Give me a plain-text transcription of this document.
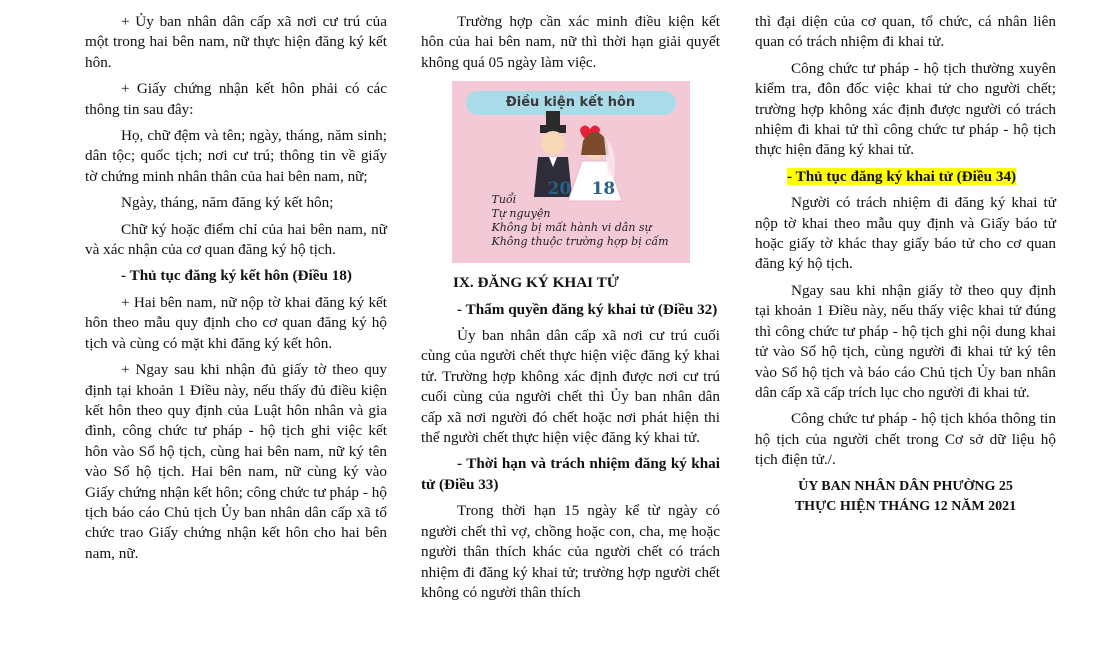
+ Ủy ban nhân dân cấp xã nơi cư trú của một trong hai bên nam, nữ thực hiện đăng ký kết hôn.

+ Giấy chứng nhận kết hôn phải có các thông tin sau đây:

Họ, chữ đệm và tên; ngày, tháng, năm sinh; dân tộc; quốc tịch; nơi cư trú; thông tin về giấy tờ chứng minh nhân thân của hai bên nam, nữ;

Ngày, tháng, năm đăng ký kết hôn;

Chữ ký hoặc điểm chỉ của hai bên nam, nữ và xác nhận của cơ quan đăng ký hộ tịch.

- Thủ tục đăng ký kết hôn (Điều 18)

+ Hai bên nam, nữ nộp tờ khai đăng ký kết hôn theo mẫu quy định cho cơ quan đăng ký hộ tịch và cùng có mặt khi đăng ký kết hôn.

+ Ngay sau khi nhận đủ giấy tờ theo quy định tại khoản 1 Điều này, nếu thấy đủ điều kiện kết hôn theo quy định của Luật hôn nhân và gia đình, công chức tư pháp - hộ tịch ghi việc kết hôn vào Sổ hộ tịch, cùng hai bên nam, nữ ký tên vào Sổ hộ tịch. Hai bên nam, nữ cùng ký vào Giấy chứng nhận kết hôn; công chức tư pháp - hộ tịch báo cáo Chủ tịch Ủy ban nhân dân cấp xã tổ chức trao Giấy chứng nhận kết hôn cho hai bên nam, nữ.

Trường hợp cần xác minh điều kiện kết hôn của hai bên nam, nữ thì thời hạn giải quyết không quá 05 ngày làm việc.

Điều kiện kết hôn
20 18
Tuổi
Tự nguyện
Không bị mất hành vi dân sự
Không thuộc trường hợp bị cấm

IX. ĐĂNG KÝ KHAI TỬ

- Thẩm quyền đăng ký khai tử (Điều 32)

Ủy ban nhân dân cấp xã nơi cư trú cuối cùng của người chết thực hiện việc đăng ký khai tử. Trường hợp không xác định được nơi cư trú cuối cùng của người chết thì Ủy ban nhân dân cấp xã nơi người đó chết hoặc nơi phát hiện thi thể người chết thực hiện việc đăng ký khai tử.

- Thời hạn và trách nhiệm đăng ký khai tử (Điều 33)

Trong thời hạn 15 ngày kể từ ngày có người chết thì vợ, chồng hoặc con, cha, mẹ hoặc người thân thích khác của người chết có trách nhiệm đi đăng ký khai tử; trường hợp người chết không có người thân thích

thì đại diện của cơ quan, tổ chức, cá nhân liên quan có trách nhiệm đi khai tử.

Công chức tư pháp - hộ tịch thường xuyên kiểm tra, đôn đốc việc khai tử cho người chết; trường hợp không xác định được người có trách nhiệm đi khai tử thì công chức tư pháp - hộ tịch thực hiện đăng ký khai tử.

- Thủ tục đăng ký khai tử (Điều 34)

Người có trách nhiệm đi đăng ký khai tử nộp tờ khai theo mẫu quy định và Giấy báo tử hoặc giấy tờ khác thay giấy báo tử cho cơ quan đăng ký hộ tịch.

Ngay sau khi nhận giấy tờ theo quy định tại khoản 1 Điều này, nếu thấy việc khai tử đúng thì công chức tư pháp - hộ tịch ghi nội dung khai tử vào Sổ hộ tịch, cùng người đi khai tử ký tên vào Sổ hộ tịch và báo cáo Chủ tịch Ủy ban nhân dân cấp xã cấp trích lục cho người đi khai tử.

Công chức tư pháp - hộ tịch khóa thông tin hộ tịch của người chết trong Cơ sở dữ liệu hộ tịch điện tử./.

ỦY BAN NHÂN DÂN PHƯỜNG 25

THỰC HIỆN THÁNG 12 NĂM 2021
